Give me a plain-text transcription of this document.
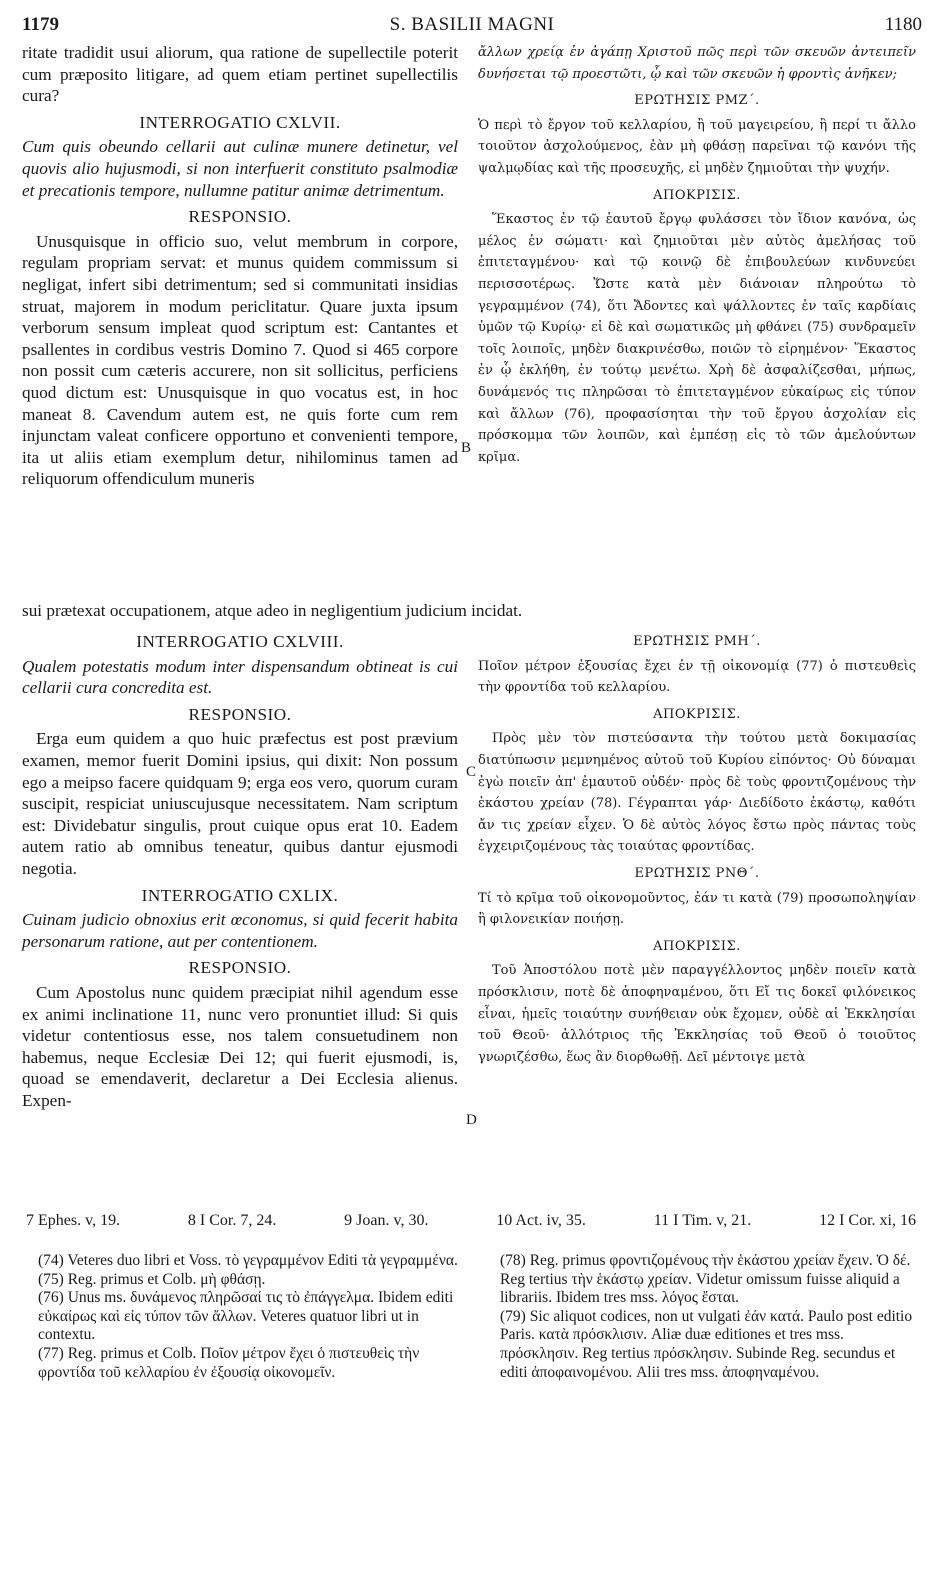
1179	S. BASILII MAGNI	1180

ritate tradidit usui aliorum, qua ratione de supellectile poterit cum præposito litigare, ad quem etiam pertinet supellectilis cura?

INTERROGATIO CXLVII.

Cum quis obeundo cellarii aut culinæ munere detinetur, vel quovis alio hujusmodi, si non interfuerit constituto psalmodiæ et precationis tempore, nullumne patitur animæ detrimentum.

RESPONSIO.

Unusquisque in officio suo, velut membrum in corpore, regulam propriam servat: et munus quidem commissum si negligat, infert sibi detrimentum; sed si communitati insidias struat, majorem in modum periclitatur. Quare juxta ipsum verborum sensum impleat quod scriptum est: Cantantes et psallentes in cordibus vestris Domino 7. Quod si 465 corpore non possit cum cæteris accurere, non sit sollicitus, perficiens quod dictum est: Unusquisque in quo vocatus est, in hoc maneat 8. Cavendum autem est, ne quis forte cum rem injunctam valeat conficere opportuno et convenienti tempore, ita ut aliis etiam exemplum detur, nihilominus tamen ad reliquorum offendiculum muneris

ἄλλων χρείᾳ ἐν ἀγάπῃ Χριστοῦ πῶς περὶ τῶν σκευῶν ἀντειπεῖν δυνήσεται τῷ προεστῶτι, ᾧ καὶ τῶν σκευῶν ἡ φροντὶς ἀνῆκεν;

ΕΡΩΤΗΣΙΣ ΡΜΖ΄.

Ὁ περὶ τὸ ἔργον τοῦ κελλαρίου, ἢ τοῦ μαγειρείου, ἢ περί τι ἄλλο τοιοῦτον ἀσχολούμενος, ἐὰν μὴ φθάσῃ παρεῖναι τῷ κανόνι τῆς ψαλμῳδίας καὶ τῆς προσευχῆς, εἰ μηδὲν ζημιοῦται τὴν ψυχήν.

ΑΠΟΚΡΙΣΙΣ.

Ἕκαστος ἐν τῷ ἑαυτοῦ ἔργῳ φυλάσσει τὸν ἴδιον κανόνα, ὡς μέλος ἐν σώματι· καὶ ζημιοῦται μὲν αὐτὸς ἀμελήσας τοῦ ἐπιτεταγμένου· καὶ τῷ κοινῷ δὲ ἐπιβουλεύων κινδυνεύει περισσοτέρως. Ὥστε κατὰ μὲν διάνοιαν πληρούτω τὸ γεγραμμένον (74), ὅτι Ἄδοντες καὶ ψάλλοντες ἐν ταῖς καρδίαις ὑμῶν τῷ Κυρίῳ· εἰ δὲ καὶ σωματικῶς μὴ φθάνει (75) συνδραμεῖν τοῖς λοιποῖς, μηδὲν διακρινέσθω, ποιῶν τὸ εἰρημένον· Ἕκαστος ἐν ᾧ ἐκλήθη, ἐν τούτῳ μενέτω. Χρὴ δὲ ἀσφαλίζεσθαι, μήπως, δυνάμενός τις πληρῶσαι τὸ ἐπιτεταγμένον εὐκαίρως εἰς τύπον καὶ ἄλλων (76), προφασίσηται τὴν τοῦ ἔργου ἀσχολίαν εἰς πρόσκομμα τῶν λοιπῶν, καὶ ἐμπέσῃ εἰς τὸ τῶν ἀμελούντων κρῖμα.

sui prætexat occupationem, atque adeo in negligentium judicium incidat.
INTERROGATIO CXLVIII.

Qualem potestatis modum inter dispensandum obtineat is cui cellarii cura concredita est.

RESPONSIO.

Erga eum quidem a quo huic præfectus est post prævium examen, memor fuerit Domini ipsius, qui dixit: Non possum ego a meipso facere quidquam 9; erga eos vero, quorum curam suscipit, respiciat uniuscujusque necessitatem. Nam scriptum est: Dividebatur singulis, prout cuique opus erat 10. Eadem autem ratio ab omnibus teneatur, quibus dantur ejusmodi negotia.

INTERROGATIO CXLIX.

Cuinam judicio obnoxius erit œconomus, si quid fecerit habita personarum ratione, aut per contentionem.

RESPONSIO.

Cum Apostolus nunc quidem præcipiat nihil agendum esse ex animi inclinatione 11, nunc vero pronuntiet illud: Si quis videtur contentiosus esse, nos talem consuetudinem non habemus, neque Ecclesiæ Dei 12; qui fuerit ejusmodi, is, quoad se emendaverit, declaretur a Dei Ecclesia alienus. Expen-

ΕΡΩΤΗΣΙΣ ΡΜΗ΄.

Ποῖον μέτρον ἐξουσίας ἔχει ἐν τῇ οἰκονομίᾳ (77) ὁ πιστευθεὶς τὴν φροντίδα τοῦ κελλαρίου.

ΑΠΟΚΡΙΣΙΣ.

Πρὸς μὲν τὸν πιστεύσαντα τὴν τούτου μετὰ δοκιμασίας διατύπωσιν μεμνημένος αὐτοῦ τοῦ Κυρίου εἰπόντος· Οὐ δύναμαι ἐγὼ ποιεῖν ἀπ' ἐμαυτοῦ οὐδέν· πρὸς δὲ τοὺς φροντιζομένους τὴν ἑκάστου χρείαν (78). Γέγραπται γάρ· Διεδίδοτο ἑκάστῳ, καθότι ἄν τις χρείαν εἶχεν. Ὁ δὲ αὐτὸς λόγος ἔστω πρὸς πάντας τοὺς ἐγχειριζομένους τὰς τοιαύτας φροντίδας.

ΕΡΩΤΗΣΙΣ ΡΝΘ΄.

Τί τὸ κρῖμα τοῦ οἰκονομοῦντος, ἐάν τι κατὰ (79) προσωποληψίαν ἢ φιλονεικίαν ποιήσῃ.

ΑΠΟΚΡΙΣΙΣ.

Τοῦ Ἀποστόλου ποτὲ μὲν παραγγέλλοντος μηδὲν ποιεῖν κατὰ πρόσκλισιν, ποτὲ δὲ ἀποφηναμένου, ὅτι Εἴ τις δοκεῖ φιλόνεικος εἶναι, ἡμεῖς τοιαύτην συνήθειαν οὐκ ἔχομεν, οὐδὲ αἱ Ἐκκλησίαι τοῦ Θεοῦ· ἀλλότριος τῆς Ἐκκλησίας τοῦ Θεοῦ ὁ τοιοῦτος γνωριζέσθω, ἕως ἂν διορθωθῇ. Δεῖ μέντοιγε μετὰ

B
C
D
7 Ephes. v, 19.	8 I Cor. 7, 24.	9 Joan. v, 30.	10 Act. iv, 35.	11 I Tim. v, 21.	12 I Cor. xi, 16

(74) Veteres duo libri et Voss. τὸ γεγραμμένον Editi τὰ γεγραμμένα.

(75) Reg. primus et Colb. μὴ φθάσῃ.

(76) Unus ms. δυνάμενος πληρῶσαί τις τὸ ἐπάγγελμα. Ibidem editi εὐκαίρως καὶ εἰς τύπον τῶν ἄλλων. Veteres quatuor libri ut in contextu.

(77) Reg. primus et Colb. Ποῖον μέτρον ἔχει ὁ πιστευθεὶς τὴν φροντίδα τοῦ κελλαρίου ἐν ἐξουσίᾳ οἰκονομεῖν.

(78) Reg. primus φροντιζομένους τὴν ἑκάστου χρείαν ἔχειν. Ὁ δέ. Reg tertius τὴν ἑκάστῳ χρείαν. Videtur omissum fuisse aliquid a librariis. Ibidem tres mss. λόγος ἔσται.

(79) Sic aliquot codices, non ut vulgati ἐάν κατά. Paulo post editio Paris. κατὰ πρόσκλισιν. Aliæ duæ editiones et tres mss. πρόσκλησιν. Reg tertius πρόσκλησιν. Subinde Reg. secundus et editi ἀποφαινομένου. Alii tres mss. ἀποφηναμένου.
